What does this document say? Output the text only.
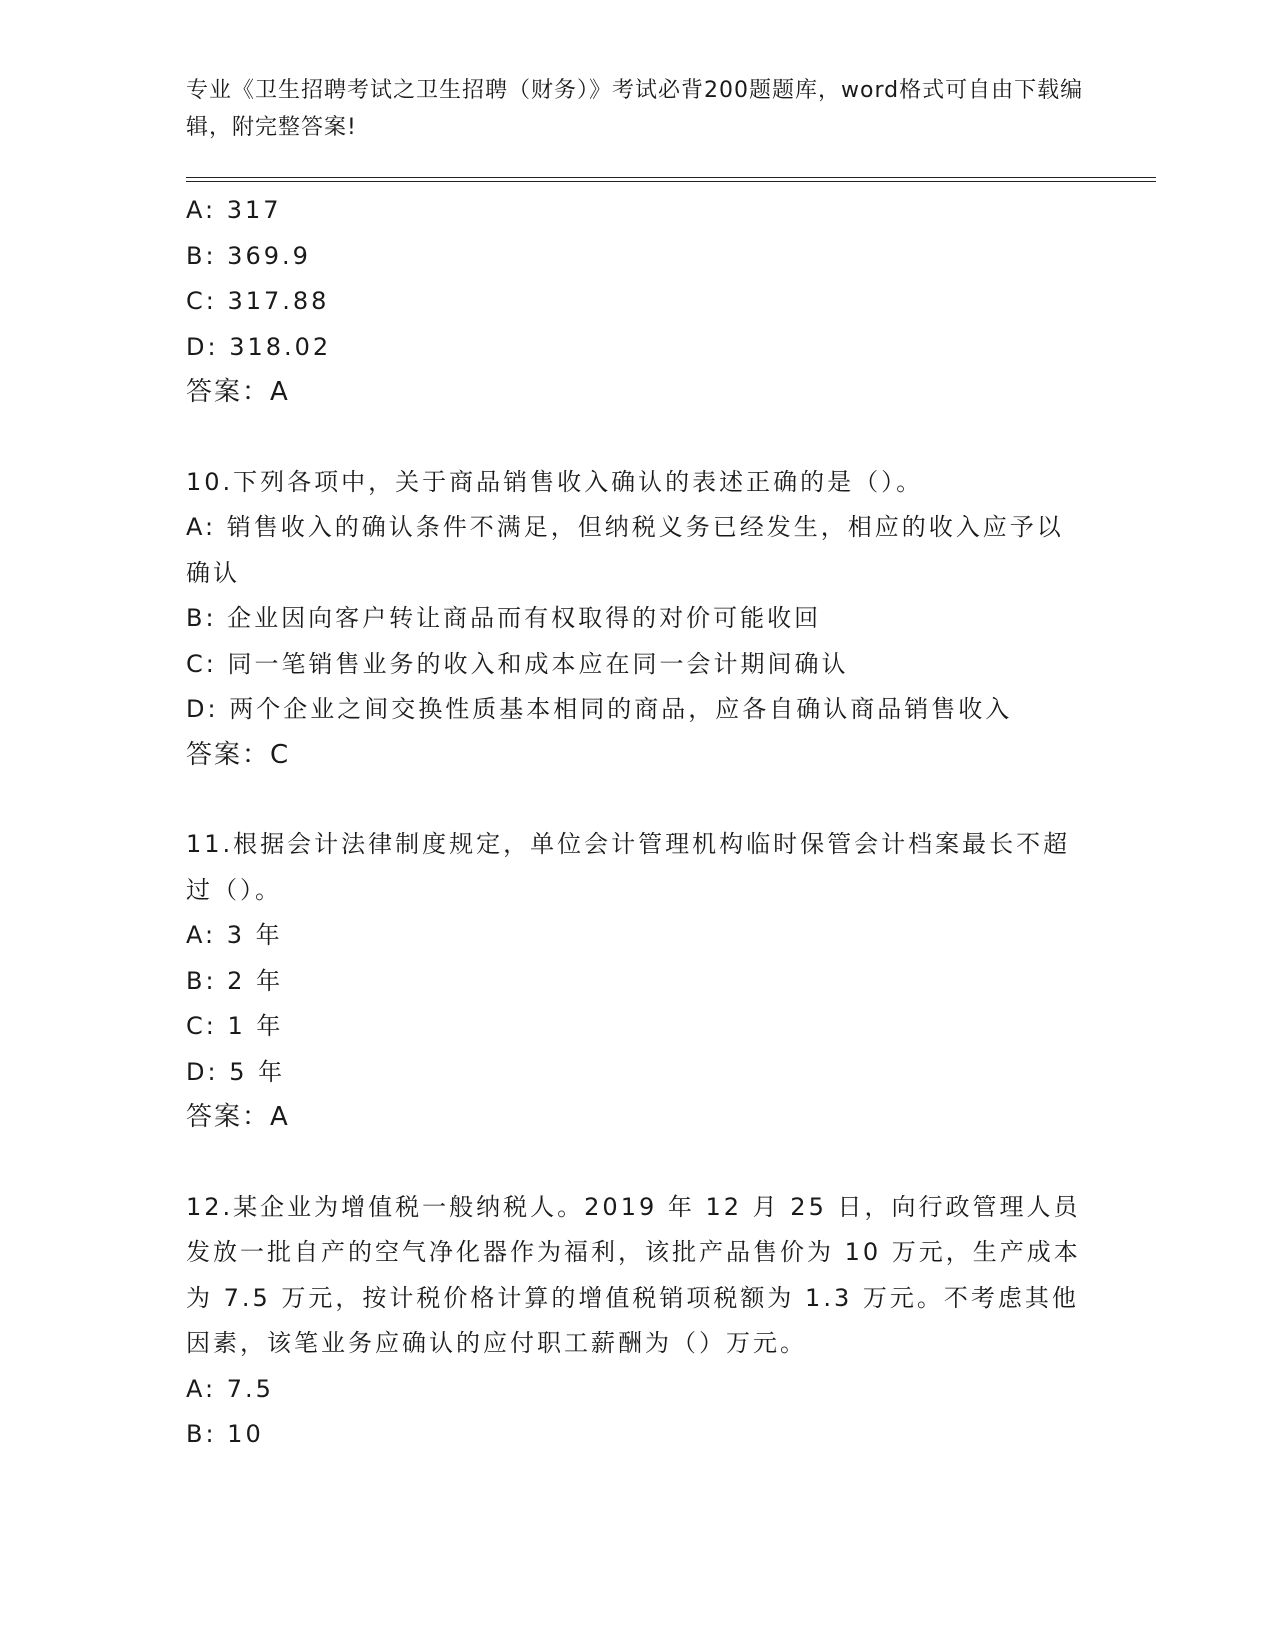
专业《卫生招聘考试之卫生招聘（财务）》考试必背200题题库，word格式可自由下载编辑，附完整答案!
A: 317
B: 369.9
C: 317.88
D: 318.02
答案：A
10.下列各项中，关于商品销售收入确认的表述正确的是（）。
A: 销售收入的确认条件不满足，但纳税义务已经发生，相应的收入应予以确认
B: 企业因向客户转让商品而有权取得的对价可能收回
C: 同一笔销售业务的收入和成本应在同一会计期间确认
D: 两个企业之间交换性质基本相同的商品，应各自确认商品销售收入
答案：C
11.根据会计法律制度规定，单位会计管理机构临时保管会计档案最长不超过（）。
A: 3 年
B: 2 年
C: 1 年
D: 5 年
答案：A
12.某企业为增值税一般纳税人。2019 年 12 月 25 日，向行政管理人员发放一批自产的空气净化器作为福利，该批产品售价为 10 万元，生产成本为 7.5 万元，按计税价格计算的增值税销项税额为 1.3 万元。不考虑其他因素，该笔业务应确认的应付职工薪酬为（）万元。
A: 7.5
B: 10
